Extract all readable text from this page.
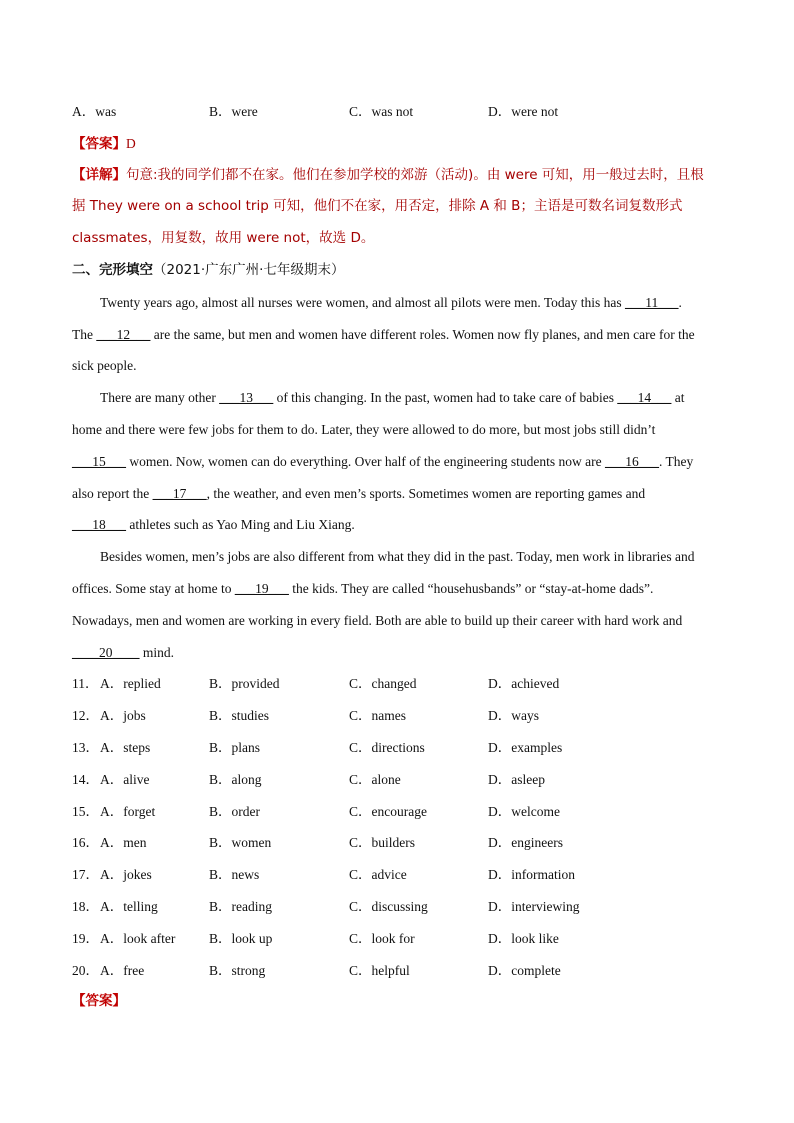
A．was	B．were	C．was not	D．were not
【答案】D
【详解】句意:我的同学们都不在家。他们在参加学校的郊游（活动)。由 were 可知，用一般过去时，且根
据 They were on a school trip 可知，他们不在家，用否定，排除 A 和 B；主语是可数名词复数形式
classmates，用复数，故用 were not，故选 D。
二、完形填空（2021·广东广州·七年级期末）
Twenty years ago, almost all nurses were women, and almost all pilots were men. Today this has ___11___.
The ___12___ are the same, but men and women have different roles. Women now fly planes, and men care for the
sick people.
There are many other ___13___ of this changing. In the past, women had to take care of babies ___14___ at
home and there were few jobs for them to do. Later, they were allowed to do more, but most jobs still didn’t
___15___ women. Now, women can do everything. Over half of the engineering students now are ___16___. They
also report the ___17___, the weather, and even men’s sports. Sometimes women are reporting games and
___18___ athletes such as Yao Ming and Liu Xiang.
Besides women, men’s jobs are also different from what they did in the past. Today, men work in libraries and
offices. Some stay at home to ___19___ the kids. They are called “househusbands” or “stay-at-home dads”.
Nowadays, men and women are working in every field. Both are able to build up their career with hard work and
____20____ mind.
11． A．replied	B．provided	C．changed	D．achieved
12． A．jobs	B．studies	C．names	D．ways
13． A．steps	B．plans	C．directions	D．examples
14． A．alive	B．along	C．alone	D．asleep
15． A．forget	B．order	C．encourage	D．welcome
16． A．men	B．women	C．builders	D．engineers
17． A．jokes	B．news	C．advice	D．information
18． A．telling	B．reading	C．discussing	D．interviewing
19． A．look after	B．look up	C．look for	D．look like
20． A．free	B．strong	C．helpful	D．complete
【答案】
